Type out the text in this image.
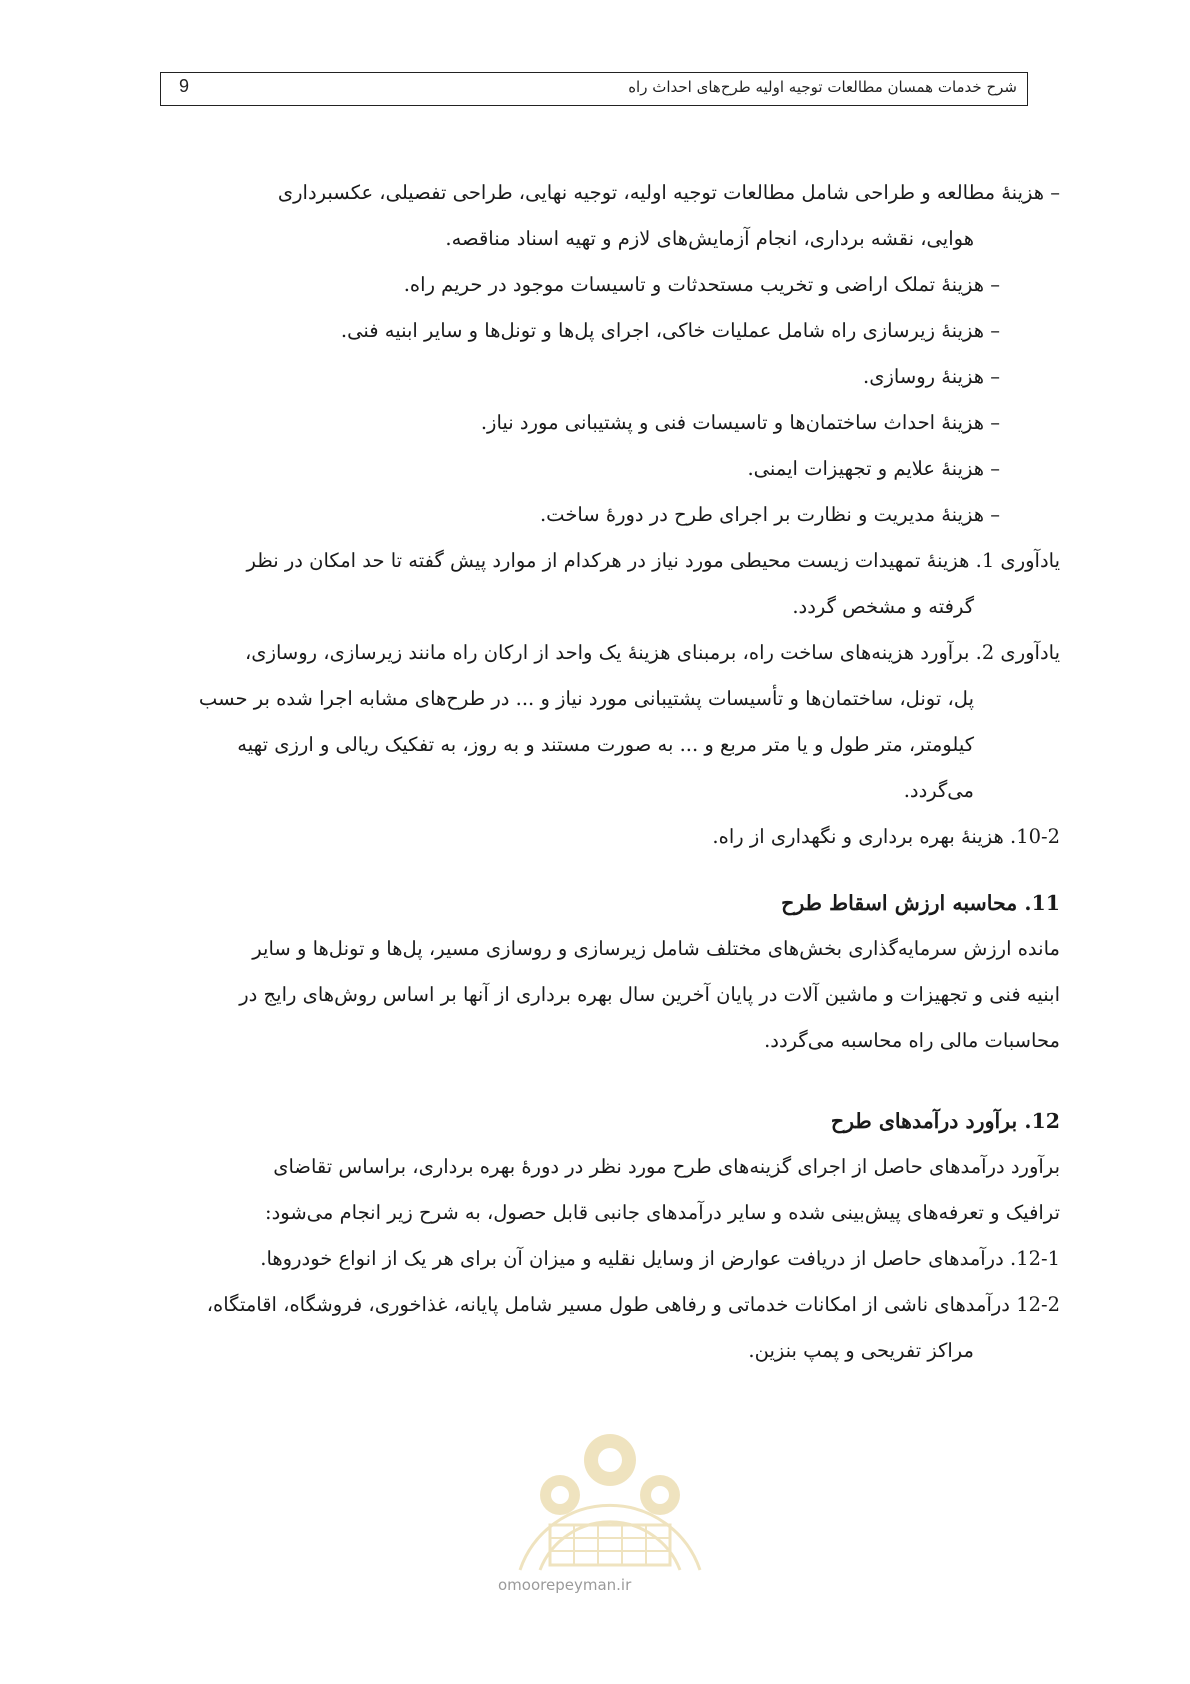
شرح خدمات همسان مطالعات توجیه اولیه طرح‌های احداث راه
9
– هزینهٔ مطالعه و طراحی شامل مطالعات توجیه اولیه، توجیه نهایی، طراحی تفصیلی، عکسبرداری
هوایی، نقشه برداری، انجام آزمایش‌های لازم و تهیه اسناد مناقصه.
– هزینهٔ تملک اراضی و تخریب مستحدثات و تاسیسات موجود در حریم راه.
– هزینهٔ زیرسازی راه شامل عملیات خاکی، اجرای پل‌ها و تونل‌ها و سایر ابنیه فنی.
– هزینهٔ روسازی.
– هزینهٔ احداث ساختمان‌ها و تاسیسات فنی و پشتیبانی مورد نیاز.
– هزینهٔ علایم و تجهیزات ایمنی.
– هزینهٔ مدیریت و نظارت بر اجرای طرح در دورهٔ ساخت.
یادآوری 1. هزینهٔ تمهیدات زیست محیطی مورد نیاز در هرکدام از موارد پیش گفته تا حد امکان در نظر
گرفته و مشخص گردد.
یادآوری 2. برآورد هزینه‌های ساخت راه، برمبنای هزینهٔ یک واحد از ارکان راه مانند زیرسازی، روسازی،
پل، تونل، ساختمان‌ها و تأسیسات پشتیبانی مورد نیاز و ... در طرح‌های مشابه اجرا شده بر حسب
کیلومتر، متر طول و یا متر مربع و ... به صورت مستند و به روز، به تفکیک ریالی و ارزی تهیه
می‌گردد.
10-2. هزینهٔ بهره برداری و نگهداری از راه.
11. محاسبه ارزش اسقاط طرح
مانده ارزش سرمایه‌گذاری بخش‌های مختلف شامل زیرسازی و روسازی مسیر، پل‌ها و تونل‌ها و سایر
ابنیه فنی و تجهیزات و ماشین آلات در پایان آخرین سال بهره برداری از آنها بر اساس روش‌های رایج در
محاسبات مالی راه محاسبه می‌گردد.
12. برآورد درآمدهای طرح
برآورد درآمدهای حاصل از اجرای گزینه‌های طرح مورد نظر در دورهٔ بهره برداری، براساس تقاضای
ترافیک و تعرفه‌های پیش‌بینی شده و سایر درآمدهای جانبی قابل حصول، به شرح زیر انجام می‌شود:
12-1. درآمدهای حاصل از دریافت عوارض از وسایل نقلیه و میزان آن برای هر یک از انواع خودروها.
12-2 درآمدهای ناشی از امکانات خدماتی و رفاهی طول مسیر شامل پایانه، غذاخوری، فروشگاه، اقامتگاه،
مراکز تفریحی و پمپ بنزین.
omoorepeyman.ir
